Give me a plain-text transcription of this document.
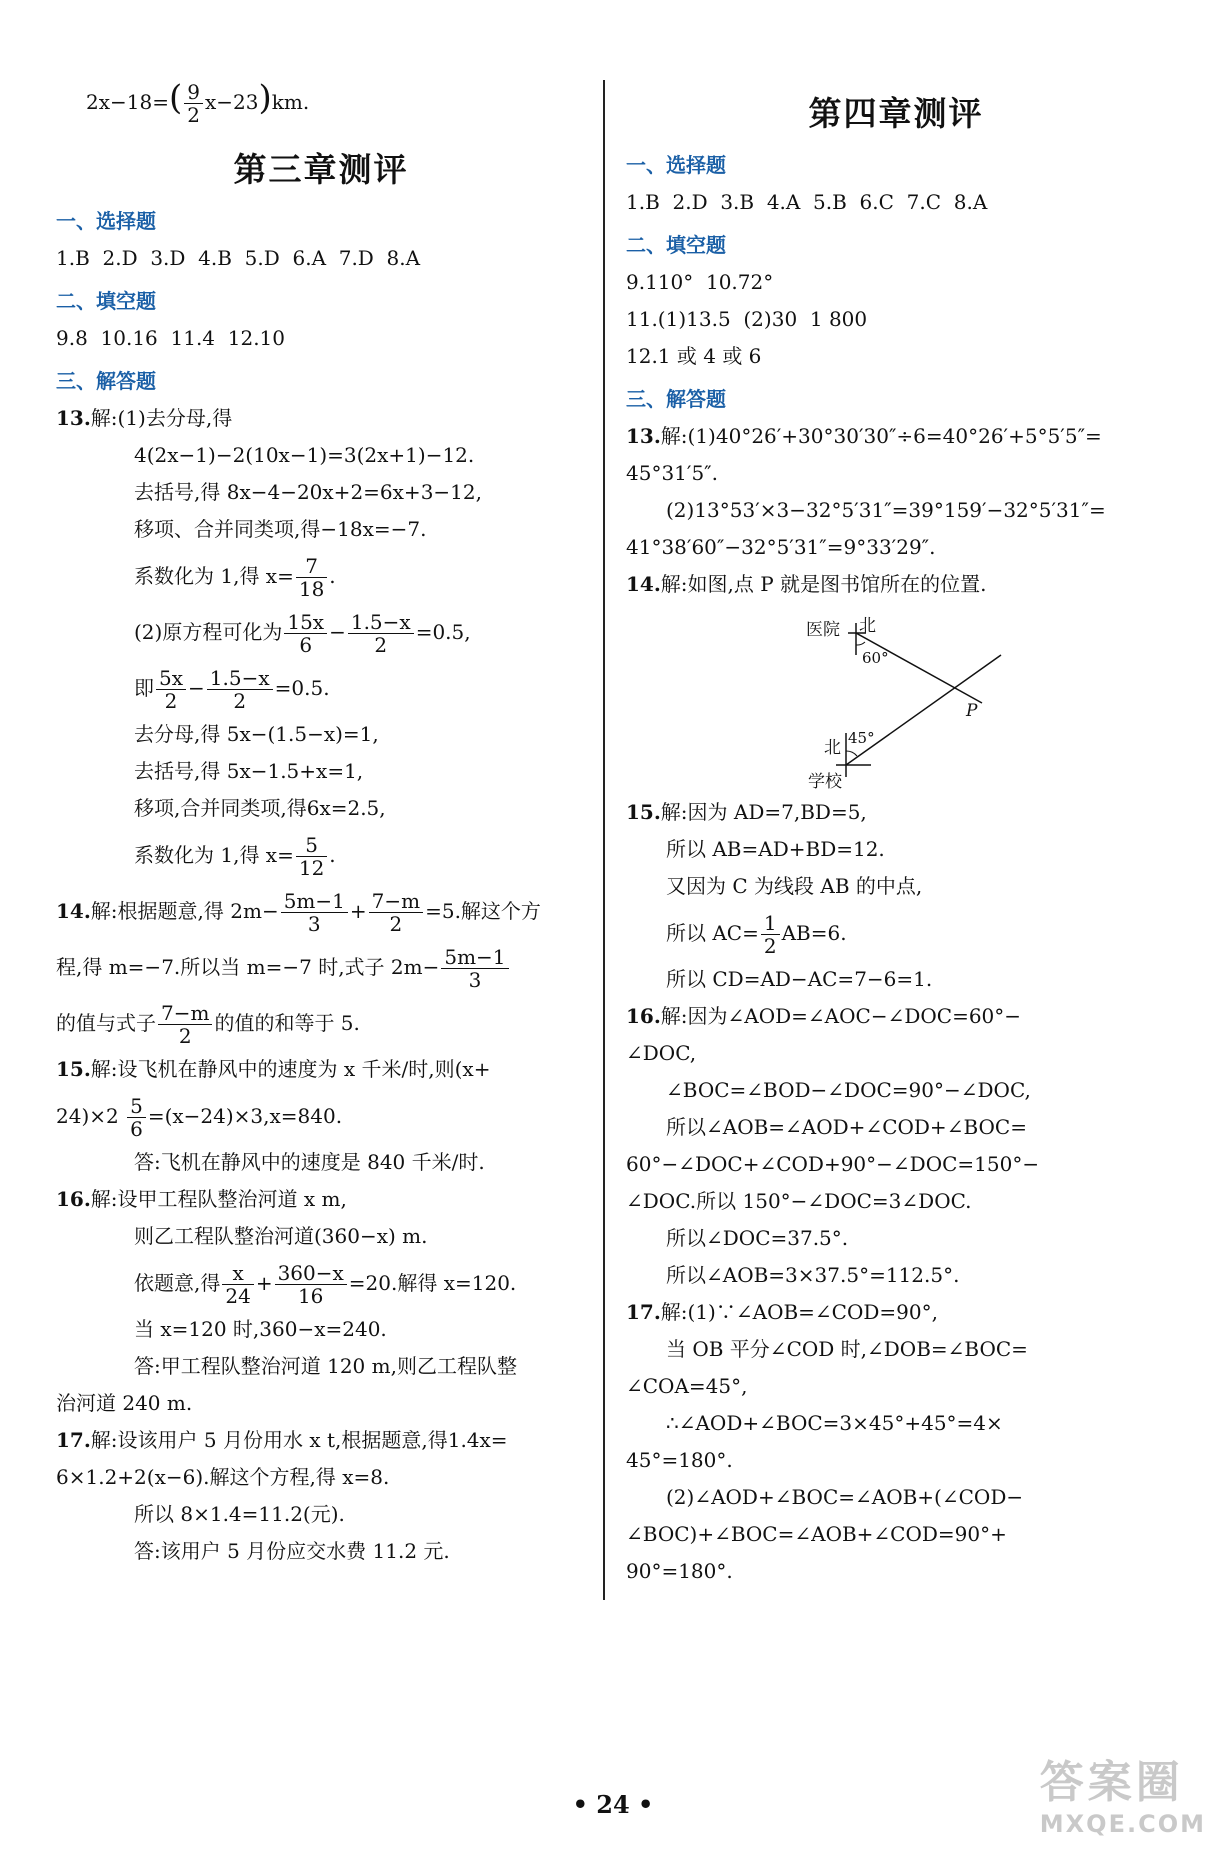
$2x-18=( \frac{9}{2} x-23)km$.
第三章测评
一、选择题
1.B  2.D  3.D  4.B  5.D  6.A  7.D  8.A
二、填空题
9.8  10.16  11.4  12.10
三、解答题
13.解:(1)去分母,得
4(2x−1)−2(10x−1)=3(2x+1)−12.
去括号,得 8x−4−20x+2=6x+3−12,
移项、合并同类项,得−18x=−7.
系数化为 1,得 $x= \frac{7}{18}$ .
(2)原方程可化为 $\frac{15x}{6} - \frac{1.5-x}{2} =0.5$,
即 $\frac{5x}{2} - \frac{1.5-x}{2} =0.5$.
去分母,得 5x−(1.5−x)=1,
去括号,得 5x−1.5+x=1,
移项,合并同类项,得6x=2.5,
系数化为 1,得 $x= \frac{5}{12}$ .
14.解:根据题意,得 $2m- \frac{5m-1}{3} + \frac{7-m}{2} =5$.解这个方
程,得 m=−7.所以当 m=−7 时,式子 $2m- \frac{5m-1}{3}$
的值与式子 $\frac{7-m}{2}$ 的值的和等于 5.
15.解:设飞机在静风中的速度为 x 千米/时,则(x+
$24)\times 2 \frac{5}{6} =(x-24)\times 3,x=840$.
答:飞机在静风中的速度是 840 千米/时.
16.解:设甲工程队整治河道 x m,
则乙工程队整治河道(360−x) m.
依题意,得 $\frac{x}{24} + \frac{360-x}{16} =20$.解得 x=120.
当 x=120 时,360−x=240.
答:甲工程队整治河道 120 m,则乙工程队整
治河道 240 m.
17.解:设该用户 5 月份用水 x t,根据题意,得1.4x=
6×1.2+2(x−6).解这个方程,得 x=8.
所以 8×1.4=11.2(元).
答:该用户 5 月份应交水费 11.2 元.
第四章测评
一、选择题
1.B  2.D  3.B  4.A  5.B  6.C  7.C  8.A
二、填空题
9.110°  10.72°
11.(1)13.5  (2)30  1 800
12.1 或 4 或 6
三、解答题
13.解:(1)40°26′+30°30′30″÷6=40°26′+5°5′5″=
45°31′5″.
(2)13°53′×3−32°5′31″=39°159′−32°5′31″=
41°38′60″−32°5′31″=9°33′29″.
14.解:如图,点 P 就是图书馆所在的位置.
医院 北
60°
P
北 45°
学校
15.解:因为 AD=7,BD=5,
所以 AB=AD+BD=12.
又因为 C 为线段 AB 的中点,
所以 $AC= \frac{1}{2} AB=6$.
所以 CD=AD−AC=7−6=1.
16.解:因为∠AOD=∠AOC−∠DOC=60°−
∠DOC,
∠BOC=∠BOD−∠DOC=90°−∠DOC,
所以∠AOB=∠AOD+∠COD+∠BOC=
60°−∠DOC+∠COD+90°−∠DOC=150°−
∠DOC.所以 150°−∠DOC=3∠DOC.
所以∠DOC=37.5°.
所以∠AOB=3×37.5°=112.5°.
17.解:(1)∵∠AOB=∠COD=90°,
当 OB 平分∠COD 时,∠DOB=∠BOC=
∠COA=45°,
∴∠AOD+∠BOC=3×45°+45°=4×
45°=180°.
(2)∠AOD+∠BOC=∠AOB+(∠COD−
∠BOC)+∠BOC=∠AOB+∠COD=90°+
90°=180°.
• 24 •	答案圈
MXQE.COM
